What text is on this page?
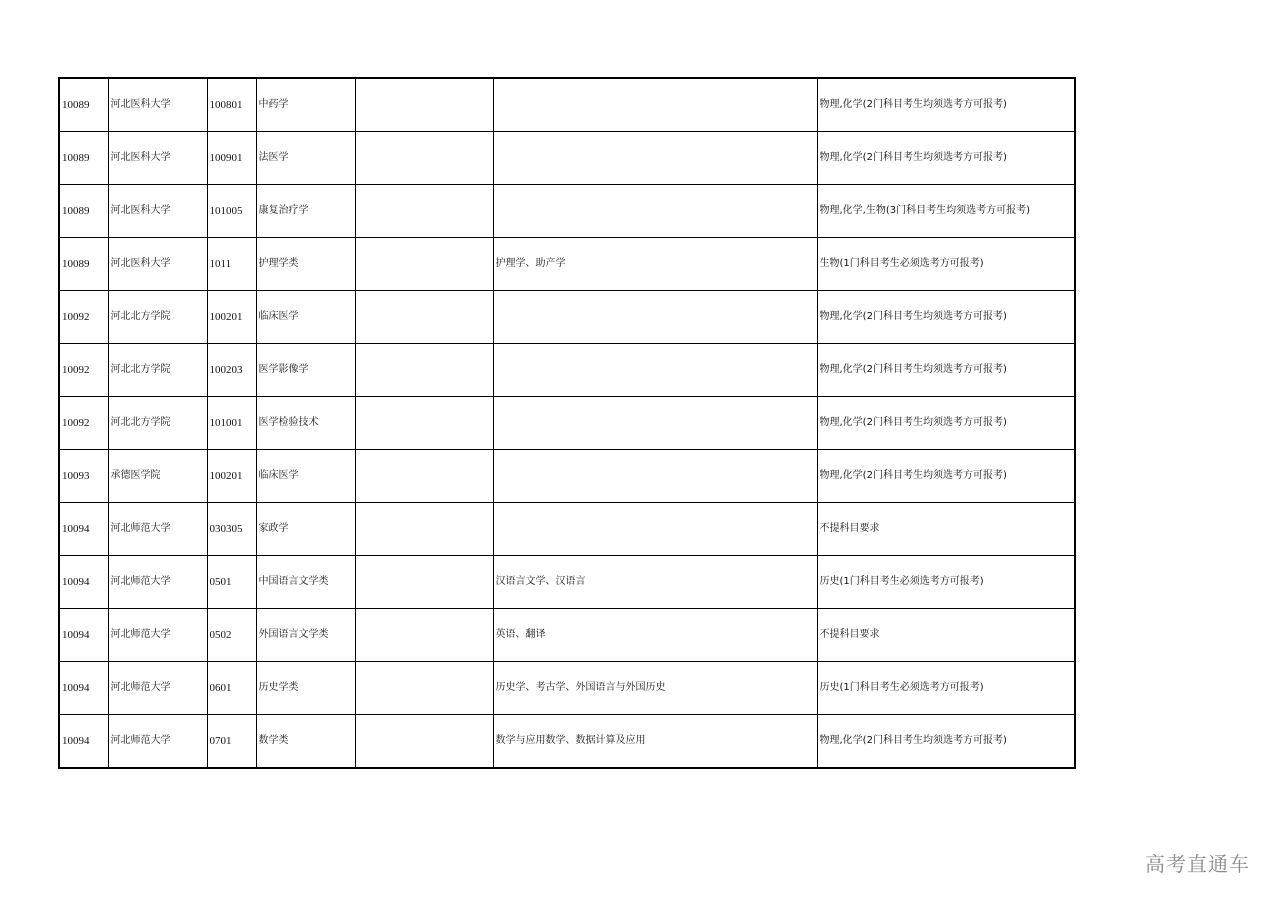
10089	河北医科大学	100801	中药学			物理,化学(2门科目考生均须选考方可报考)
10089	河北医科大学	100901	法医学			物理,化学(2门科目考生均须选考方可报考)
10089	河北医科大学	101005	康复治疗学			物理,化学,生物(3门科目考生均须选考方可报考)
10089	河北医科大学	1011	护理学类		护理学、助产学	生物(1门科目考生必须选考方可报考)
10092	河北北方学院	100201	临床医学			物理,化学(2门科目考生均须选考方可报考)
10092	河北北方学院	100203	医学影像学			物理,化学(2门科目考生均须选考方可报考)
10092	河北北方学院	101001	医学检验技术			物理,化学(2门科目考生均须选考方可报考)
10093	承德医学院	100201	临床医学			物理,化学(2门科目考生均须选考方可报考)
10094	河北师范大学	030305	家政学			不提科目要求
10094	河北师范大学	0501	中国语言文学类		汉语言文学、汉语言	历史(1门科目考生必须选考方可报考)
10094	河北师范大学	0502	外国语言文学类		英语、翻译	不提科目要求
10094	河北师范大学	0601	历史学类		历史学、考古学、外国语言与外国历史	历史(1门科目考生必须选考方可报考)
10094	河北师范大学	0701	数学类		数学与应用数学、数据计算及应用	物理,化学(2门科目考生均须选考方可报考)
高考直通车
